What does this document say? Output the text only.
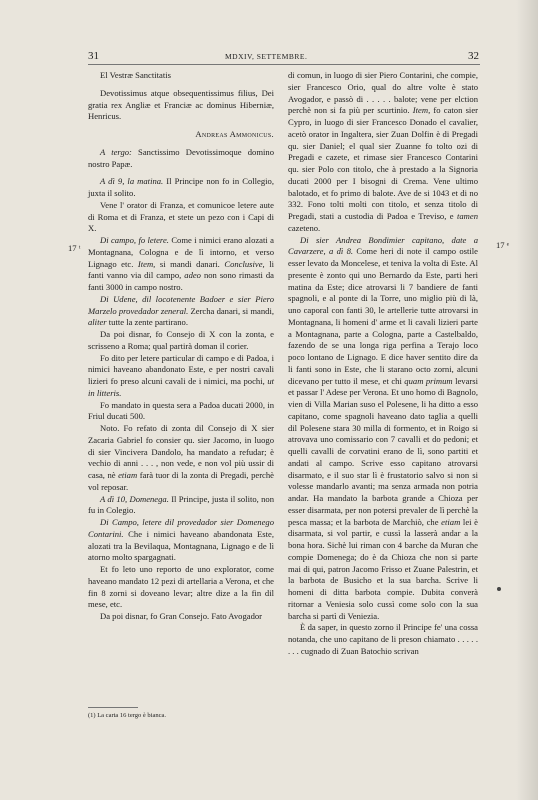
31	MDXIV, SETTEMBRE.	32
17 ᵗ	17 ᵉ

El Vestræ Sanctitatis

Devotissimus atque obsequentissimus filius, Dei gratia rex Angliæ et Franciæ ac dominus Hiberniæ, Henricus.

Andreas Ammonicus.

A tergo: Sanctissimo Devotissimoque domino nostro Papæ.

A dì 9, la matina. Il Principe non fo in Collegio, juxta il solito.

Vene l' orator di Franza, et comunicoe letere aute di Roma et di Franza, et stete un pezo con i Capi di X.

Di campo, fo letere. Come i nimici erano alozati a Montagnana, Cologna e de lì intorno, et verso Lignago etc. Item, si mandi danari. Conclusive, li fanti vanno via dil campo, adeo non sono rimasti da fanti 3000 in campo nostro.

Di Udene, dil locotenente Badoer e sier Piero Marzelo provedador zeneral. Zercha danari, si mandi, aliter tutte la zente partirano.

Da poi disnar, fo Consejo di X con la zonta, e scrisseno a Roma; qual partirà doman il corier.

Fo dito per letere particular di campo e di Padoa, i nimici haveano abandonato Este, e per nostri cavali lizieri fo preso alcuni cavali de i nimici, ma pochi, ut in litteris.

Fo mandato in questa sera a Padoa ducati 2000, in Friul ducati 500.

Noto. Fo refato di zonta dil Consejo di X sier Zacaria Gabriel fo consier qu. sier Jacomo, in luogo di sier Vincivera Dandolo, ha mandato a refudar; è vechio di anni . . . , non vede, e non vol più ussir di casa, nè etiam farà tuor di la zonta di Pregadi, perchè vol reposar.

A dì 10, Domenega. Il Principe, justa il solito, non fu in Colegio.

Di Campo, letere dil provedador sier Domenego Contarini. Che i nimici haveano abandonata Este, alozati tra la Bevilaqua, Montagnana, Lignago e de lì atorno molto spargagnati.

Et fo leto uno reporto de uno explorator, come haveano mandato 12 pezi di artellaria a Verona, et che fin 8 zorni si doveano levar; altre dize a la fin dil mese, etc.

Da poi disnar, fo Gran Consejo. Fato Avogador

(1) La carta 16 tergo è bianca.

di comun, in luogo di sier Piero Contarini, che compie, sier Francesco Orio, qual do altre volte è stato Avogador, e passò di . . . . . balote; vene per elction perchè non si fa più per scurtinio. Item, fo caton sier Cypro, in luogo di sier Francesco Donado el cavalier, acetò orator in Ingaltera, sier Zuan Dolfin è di Pregadi qu. sier Daniel; el qual sier Zuanne fo tolto ozi di Pregadi e cazete, et rimase sier Francesco Contarini qu. sier Polo con titolo, che à prestado a la Signoria ducati 2000 per I bisogni di Crema. Vene ultimo balotado, et fo primo di balote. Ave de si 1043 et di no 332. Fono tolti molti con titolo, et senza titolo di Pregadi, stati a custodia di Padoa e Treviso, e tamen cazeteno.

Di sier Andrea Bondimier capitano, date a Cavarzere, a dì 8. Come heri di note il campo ostile esser levato da Moncelese, et teniva la volta di Este. Al presente è zonto qui uno Bernardo da Este, parti heri matina da Este; dice atrovarsi li 7 bandiere de fanti spagnoli, e al ponte di la Torre, uno miglio più di là, uno caporal con fanti 30, le artellerie tutte atrovarsi in Montagnana, li homeni d' arme et li cavali lizieri parte a Montagnana, parte a Cologna, parte a Castelbaldo, fazendo de se una longa riga perfina a Terajo loco poco lontano de Lignago. E dice haver sentito dire da li fanti sono in Este, che li starano octo zorni, alcuni dicevano per tutto il mese, et chi quam primum levarsi et passar l' Adese per Verona. Et uno homo di Bagnolo, vien di Villa Marian suso el Polesene, li ha ditto a esso capitano, come spagnoli haveano dato taglia a quelli dil Polesene stara 30 milla di formento, et in Roigo si atrovava uno comissario con 7 cavalli et do pedoni; et quelli cavalli de corvatini erano de lì, sono partiti et andati al campo. Scrive esso capitano atrovarsi disarmato, e il suo star lì è frustatorio salvo si non si volesse mandarlo avanti; ma senza armada non potria andar. Ha mandato la barbota grande a Chioza per esser disarmata, per non potersi prevaler de lì perchè la pesca massa; et la barbota de Marchiò, che etiam lei è disarmata, si vol partir, e cussì la lasserà andar a la bona hora. Sichè lui riman con 4 barche da Muran che compie Domenega; do è da Chioza che non si parte mai di qui, patron Jacomo Frisso et Zuane Palestrin, et la barbota de Busicho et la sua barcha. Scrive li homeni di ditta barbota compie. Dubita converà ritornar a Veniesia solo cussì come solo con la sua barcha si partì di Veniezia.

È da saper, in questo zorno il Principe fe' una cossa notanda, che uno capitano de li preson chiamato . . . . . . . . cugnado di Zuan Batochio scrivan
